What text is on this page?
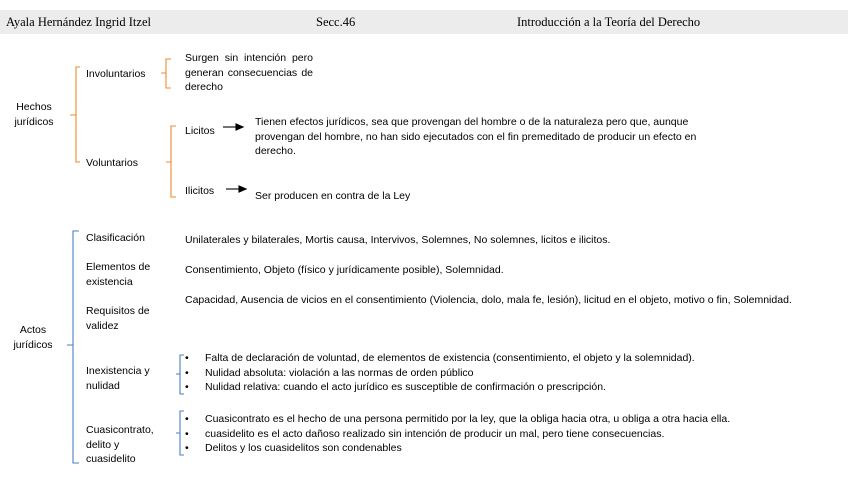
Ayala Hernández Ingrid Itzel	Secc.46	Introducción a la Teoría del Derecho
Hechos jurídicos
Involuntarios
Surgen sin intención pero generan consecuencias de derecho
Voluntarios
Licitos
Tienen efectos jurídicos, sea que provengan del hombre o de la naturaleza pero que, aunque provengan del hombre, no han sido ejecutados con el fin premeditado de producir un efecto en derecho.
Ilicitos	Ser producen en contra de la Ley
Actos jurídicos
Clasificación	Unilaterales y bilaterales, Mortis causa, Intervivos, Solemnes, No solemnes, licitos e ilicitos.
Elementos de existencia
Consentimiento, Objeto (físico y jurídicamente posible), Solemnidad.
Requisitos de validez
Capacidad, Ausencia de vicios en el consentimiento (Violencia, dolo, mala fe, lesión), licitud en el objeto, motivo o fin, Solemnidad.
Inexistencia y nulidad
• Falta de declaración de voluntad, de elementos de existencia (consentimiento, el objeto y la solemnidad).
• Nulidad absoluta: violación a las normas de orden público
• Nulidad relativa: cuando el acto jurídico es susceptible de confirmación o prescripción.
Cuasicontrato, delito y cuasidelito
• Cuasicontrato es el hecho de una persona permitido por la ley, que la obliga hacia otra, u obliga a otra hacia ella.
• cuasidelito es el acto dañoso realizado sin intención de producir un mal, pero tiene consecuencias.
• Delitos y los cuasidelitos son condenables
